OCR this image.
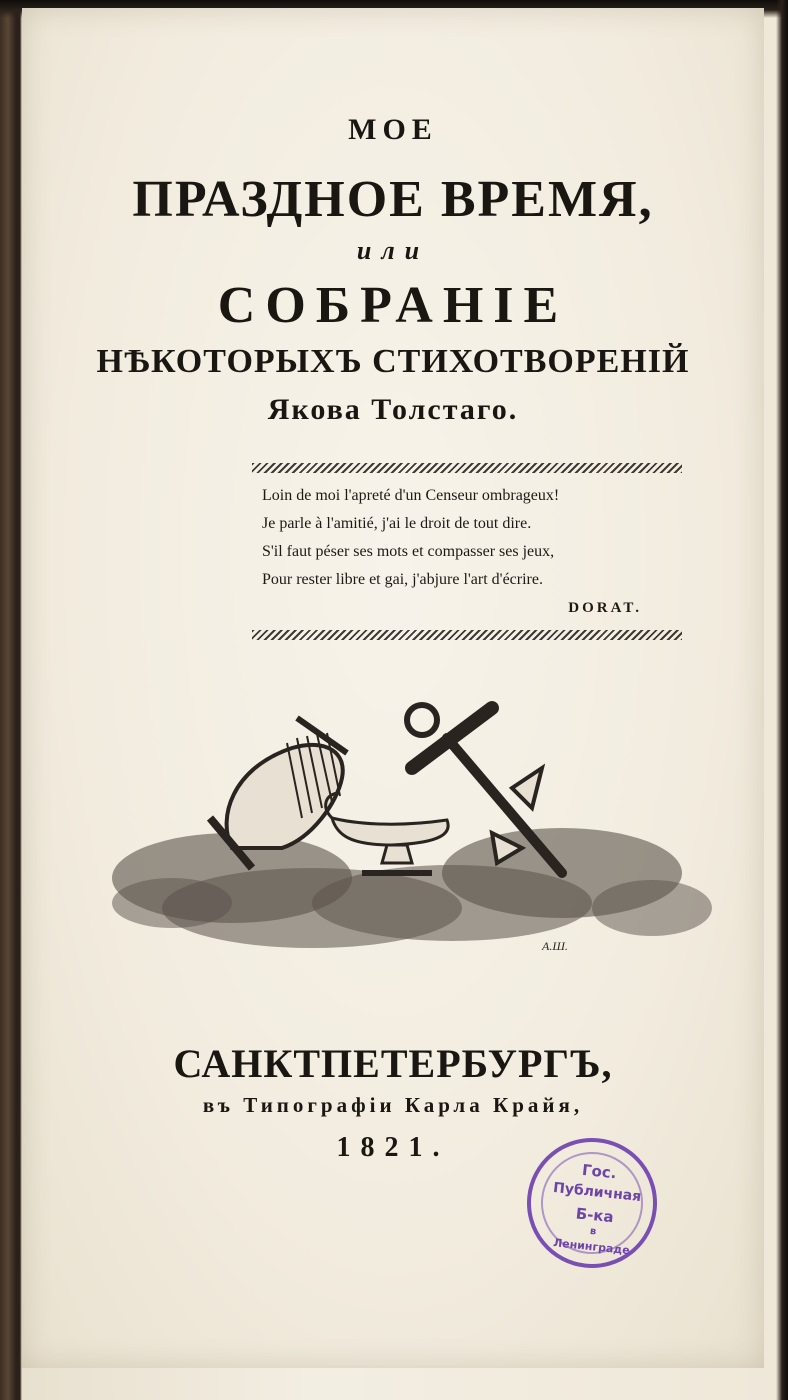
МОЕ
ПРАЗДНОЕ ВРЕМЯ,
или
СОБРАНІЕ
НѢКОТОРЫХЪ СТИХОТВОРЕНІЙ
Якова Толстаго.
Loin de moi l'apreté d'un Censeur ombrageux!
Je parle à l'amitié, j'ai le droit de tout dire.
S'il faut péser ses mots et compasser ses jeux,
Pour rester libre et gai, j'abjure l'art d'écrire.
DORAT.
А.Ш.
САНКТПЕТЕРБУРГЪ,
въ Типографіи Карла Крайя,
1821.
Гос.
Публичная
Б-ка
в
Ленинграде
